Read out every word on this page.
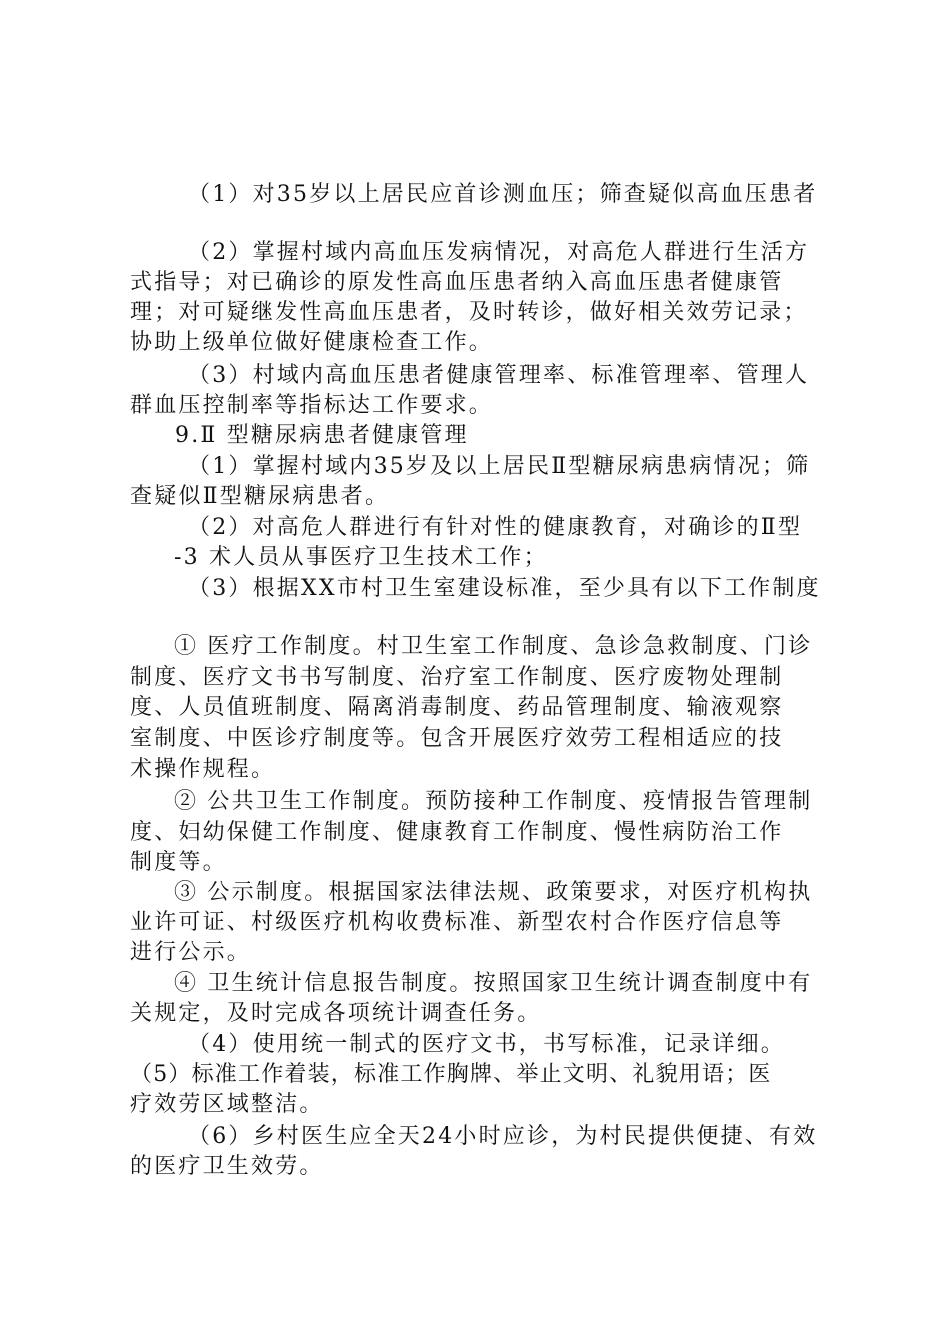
（1）对35岁以上居民应首诊测血压；筛查疑似高血压患者
（2）掌握村域内高血压发病情况，对高危人群进行生活方
式指导；对已确诊的原发性高血压患者纳入高血压患者健康管
理；对可疑继发性高血压患者，及时转诊，做好相关效劳记录；
协助上级单位做好健康检查工作。
（3）村域内高血压患者健康管理率、标准管理率、管理人
群血压控制率等指标达工作要求。
9.Ⅱ 型糖尿病患者健康管理
（1）掌握村域内35岁及以上居民Ⅱ型糖尿病患病情况；筛
查疑似Ⅱ型糖尿病患者。
（2）对高危人群进行有针对性的健康教育，对确诊的Ⅱ型
-3 术人员从事医疗卫生技术工作；
（3）根据XX市村卫生室建设标准，至少具有以下工作制度
① 医疗工作制度。村卫生室工作制度、急诊急救制度、门诊
制度、医疗文书书写制度、治疗室工作制度、医疗废物处理制
度、人员值班制度、隔离消毒制度、药品管理制度、输液观察
室制度、中医诊疗制度等。包含开展医疗效劳工程相适应的技
术操作规程。
② 公共卫生工作制度。预防接种工作制度、疫情报告管理制
度、妇幼保健工作制度、健康教育工作制度、慢性病防治工作
制度等。
③ 公示制度。根据国家法律法规、政策要求，对医疗机构执
业许可证、村级医疗机构收费标准、新型农村合作医疗信息等
进行公示。
④ 卫生统计信息报告制度。按照国家卫生统计调查制度中有
关规定，及时完成各项统计调查任务。
（4）使用统一制式的医疗文书，书写标准，记录详细。
（5）标准工作着装，标准工作胸牌、举止文明、礼貌用语；医
疗效劳区域整洁。
（6）乡村医生应全天24小时应诊，为村民提供便捷、有效
的医疗卫生效劳。
